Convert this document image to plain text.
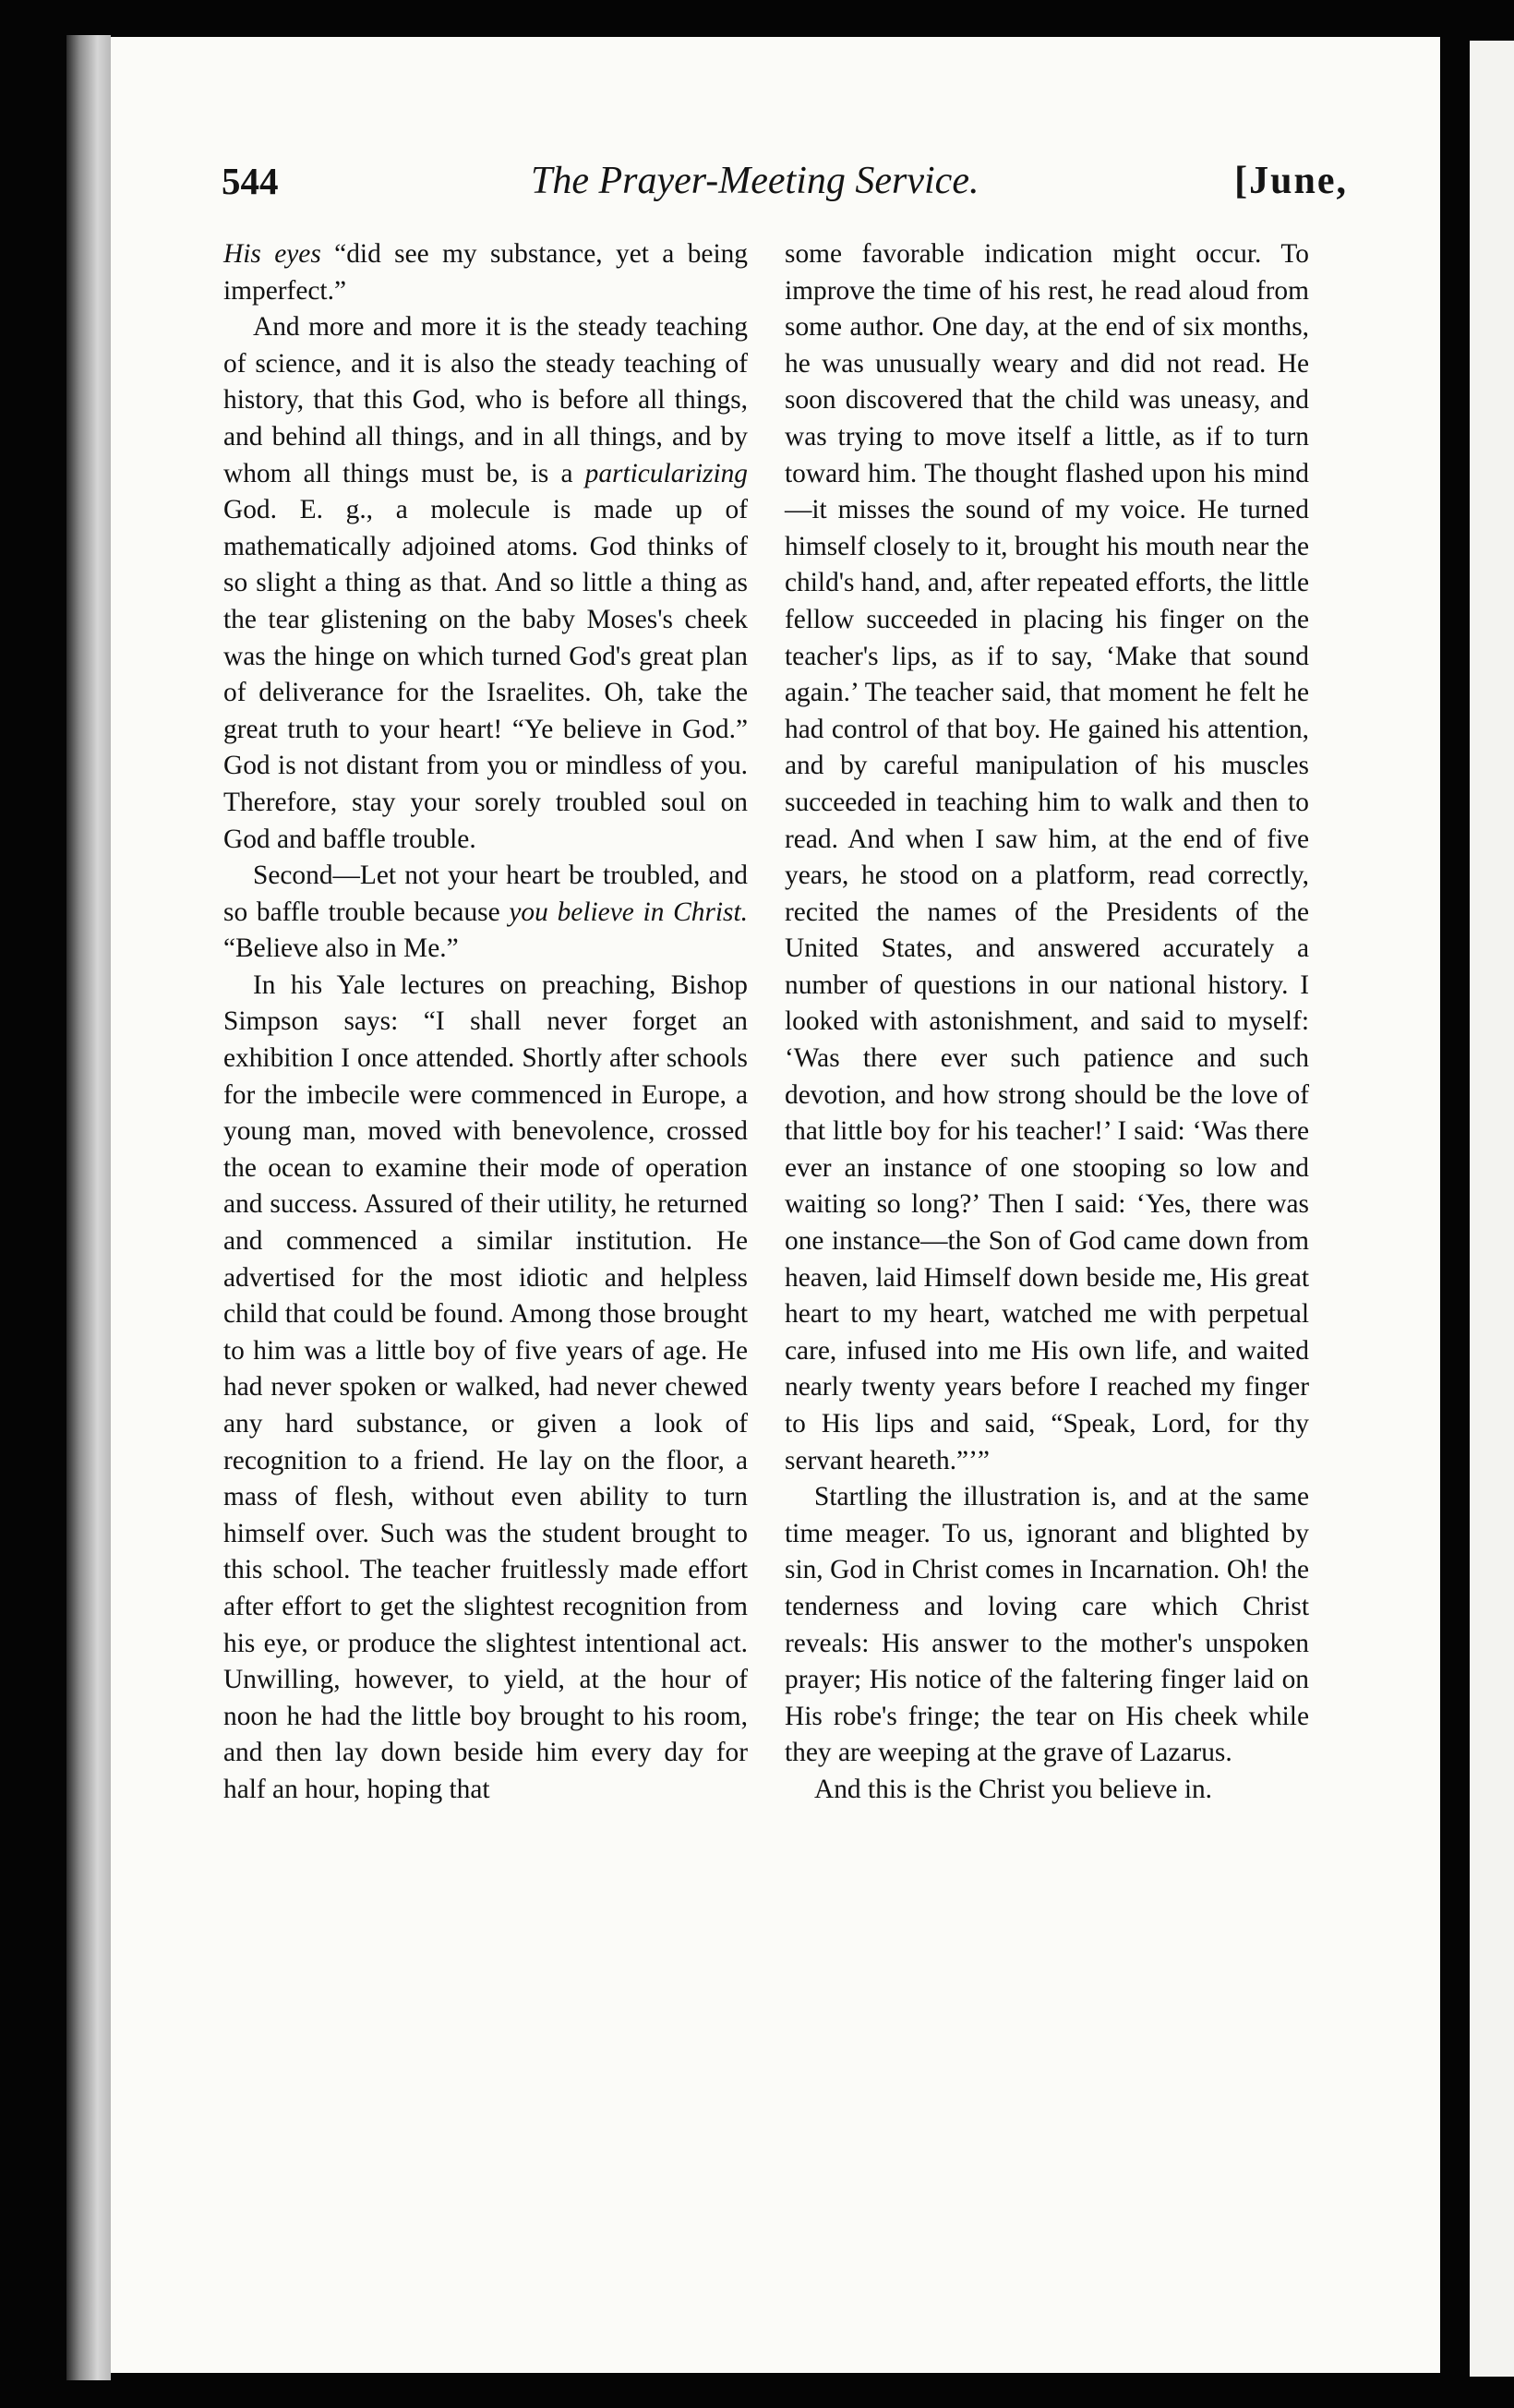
544	The Prayer-Meeting Service.	[June,

His eyes “did see my substance, yet a being imperfect.”

And more and more it is the steady teaching of science, and it is also the steady teaching of history, that this God, who is before all things, and behind all things, and in all things, and by whom all things must be, is a particularizing God. E. g., a molecule is made up of mathematically adjoined atoms. God thinks of so slight a thing as that. And so little a thing as the tear glistening on the baby Moses's cheek was the hinge on which turned God's great plan of deliverance for the Israelites. Oh, take the great truth to your heart! “Ye believe in God.” God is not distant from you or mindless of you. Therefore, stay your sorely troubled soul on God and baffle trouble.

Second—Let not your heart be troubled, and so baffle trouble because you believe in Christ. “Believe also in Me.”

In his Yale lectures on preaching, Bishop Simpson says: “I shall never forget an exhibition I once attended. Shortly after schools for the imbecile were commenced in Europe, a young man, moved with benevolence, crossed the ocean to examine their mode of operation and success. Assured of their utility, he returned and commenced a similar institution. He advertised for the most idiotic and helpless child that could be found. Among those brought to him was a little boy of five years of age. He had never spoken or walked, had never chewed any hard substance, or given a look of recognition to a friend. He lay on the floor, a mass of flesh, without even ability to turn himself over. Such was the student brought to this school. The teacher fruitlessly made effort after effort to get the slightest recognition from his eye, or produce the slightest intentional act. Unwilling, however, to yield, at the hour of noon he had the little boy brought to his room, and then lay down beside him every day for half an hour, hoping that

some favorable indication might occur. To improve the time of his rest, he read aloud from some author. One day, at the end of six months, he was unusually weary and did not read. He soon discovered that the child was uneasy, and was trying to move itself a little, as if to turn toward him. The thought flashed upon his mind—it misses the sound of my voice. He turned himself closely to it, brought his mouth near the child's hand, and, after repeated efforts, the little fellow succeeded in placing his finger on the teacher's lips, as if to say, ‘Make that sound again.’ The teacher said, that moment he felt he had control of that boy. He gained his attention, and by careful manipulation of his muscles succeeded in teaching him to walk and then to read. And when I saw him, at the end of five years, he stood on a platform, read correctly, recited the names of the Presidents of the United States, and answered accurately a number of questions in our national history. I looked with astonishment, and said to myself: ‘Was there ever such patience and such devotion, and how strong should be the love of that little boy for his teacher!’ I said: ‘Was there ever an instance of one stooping so low and waiting so long?’ Then I said: ‘Yes, there was one instance—the Son of God came down from heaven, laid Himself down beside me, His great heart to my heart, watched me with perpetual care, infused into me His own life, and waited nearly twenty years before I reached my finger to His lips and said, “Speak, Lord, for thy servant heareth.”’”

Startling the illustration is, and at the same time meager. To us, ignorant and blighted by sin, God in Christ comes in Incarnation. Oh! the tenderness and loving care which Christ reveals: His answer to the mother's unspoken prayer; His notice of the faltering finger laid on His robe's fringe; the tear on His cheek while they are weeping at the grave of Lazarus.

And this is the Christ you believe in.
